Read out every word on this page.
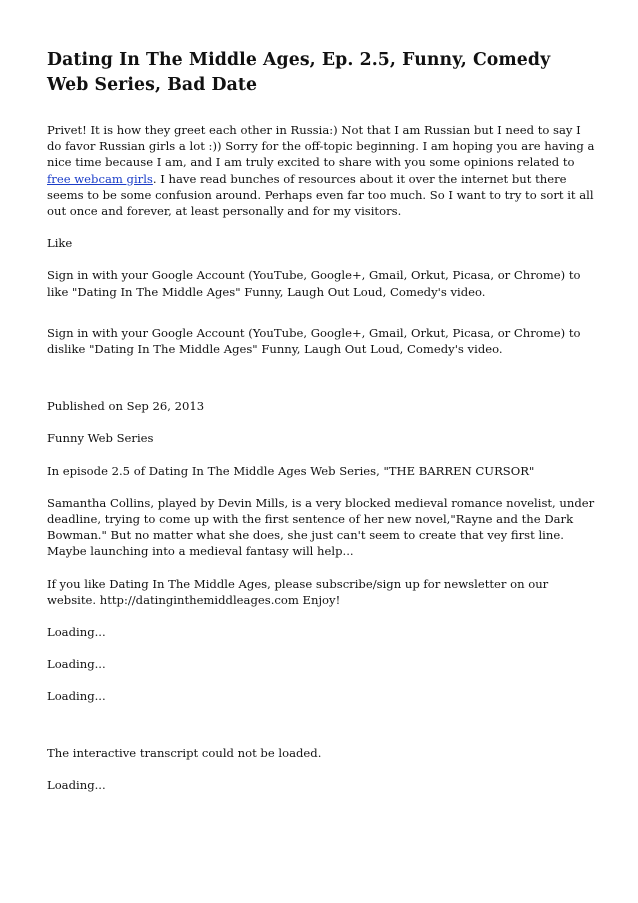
Dating In The Middle Ages, Ep. 2.5, Funny, Comedy Web Series, Bad Date

Privet! It is how they greet each other in Russia:) Not that I am Russian but I need to say I do favor Russian girls a lot :)) Sorry for the off-topic beginning. I am hoping you are having a nice time because I am, and I am truly excited to share with you some opinions related to free webcam girls. I have read bunches of resources about it over the internet but there seems to be some confusion around. Perhaps even far too much. So I want to try to sort it all out once and forever, at least personally and for my visitors.

Like

Sign in with your Google Account (YouTube, Google+, Gmail, Orkut, Picasa, or Chrome) to like "Dating In The Middle Ages" Funny, Laugh Out Loud, Comedy's video.

Sign in with your Google Account (YouTube, Google+, Gmail, Orkut, Picasa, or Chrome) to dislike "Dating In The Middle Ages" Funny, Laugh Out Loud, Comedy's video.

Published on Sep 26, 2013

Funny Web Series

In episode 2.5 of Dating In The Middle Ages Web Series, "THE BARREN CURSOR"

Samantha Collins, played by Devin Mills, is a very blocked medieval romance novelist, under deadline, trying to come up with the first sentence of her new novel,"Rayne and the Dark Bowman." But no matter what she does, she just can't seem to create that vey first line. Maybe launching into a medieval fantasy will help...

If you like Dating In The Middle Ages, please subscribe/sign up for newsletter on our website. http://datinginthemiddleages.com Enjoy!

Loading...

Loading...

Loading...

The interactive transcript could not be loaded.

Loading...
